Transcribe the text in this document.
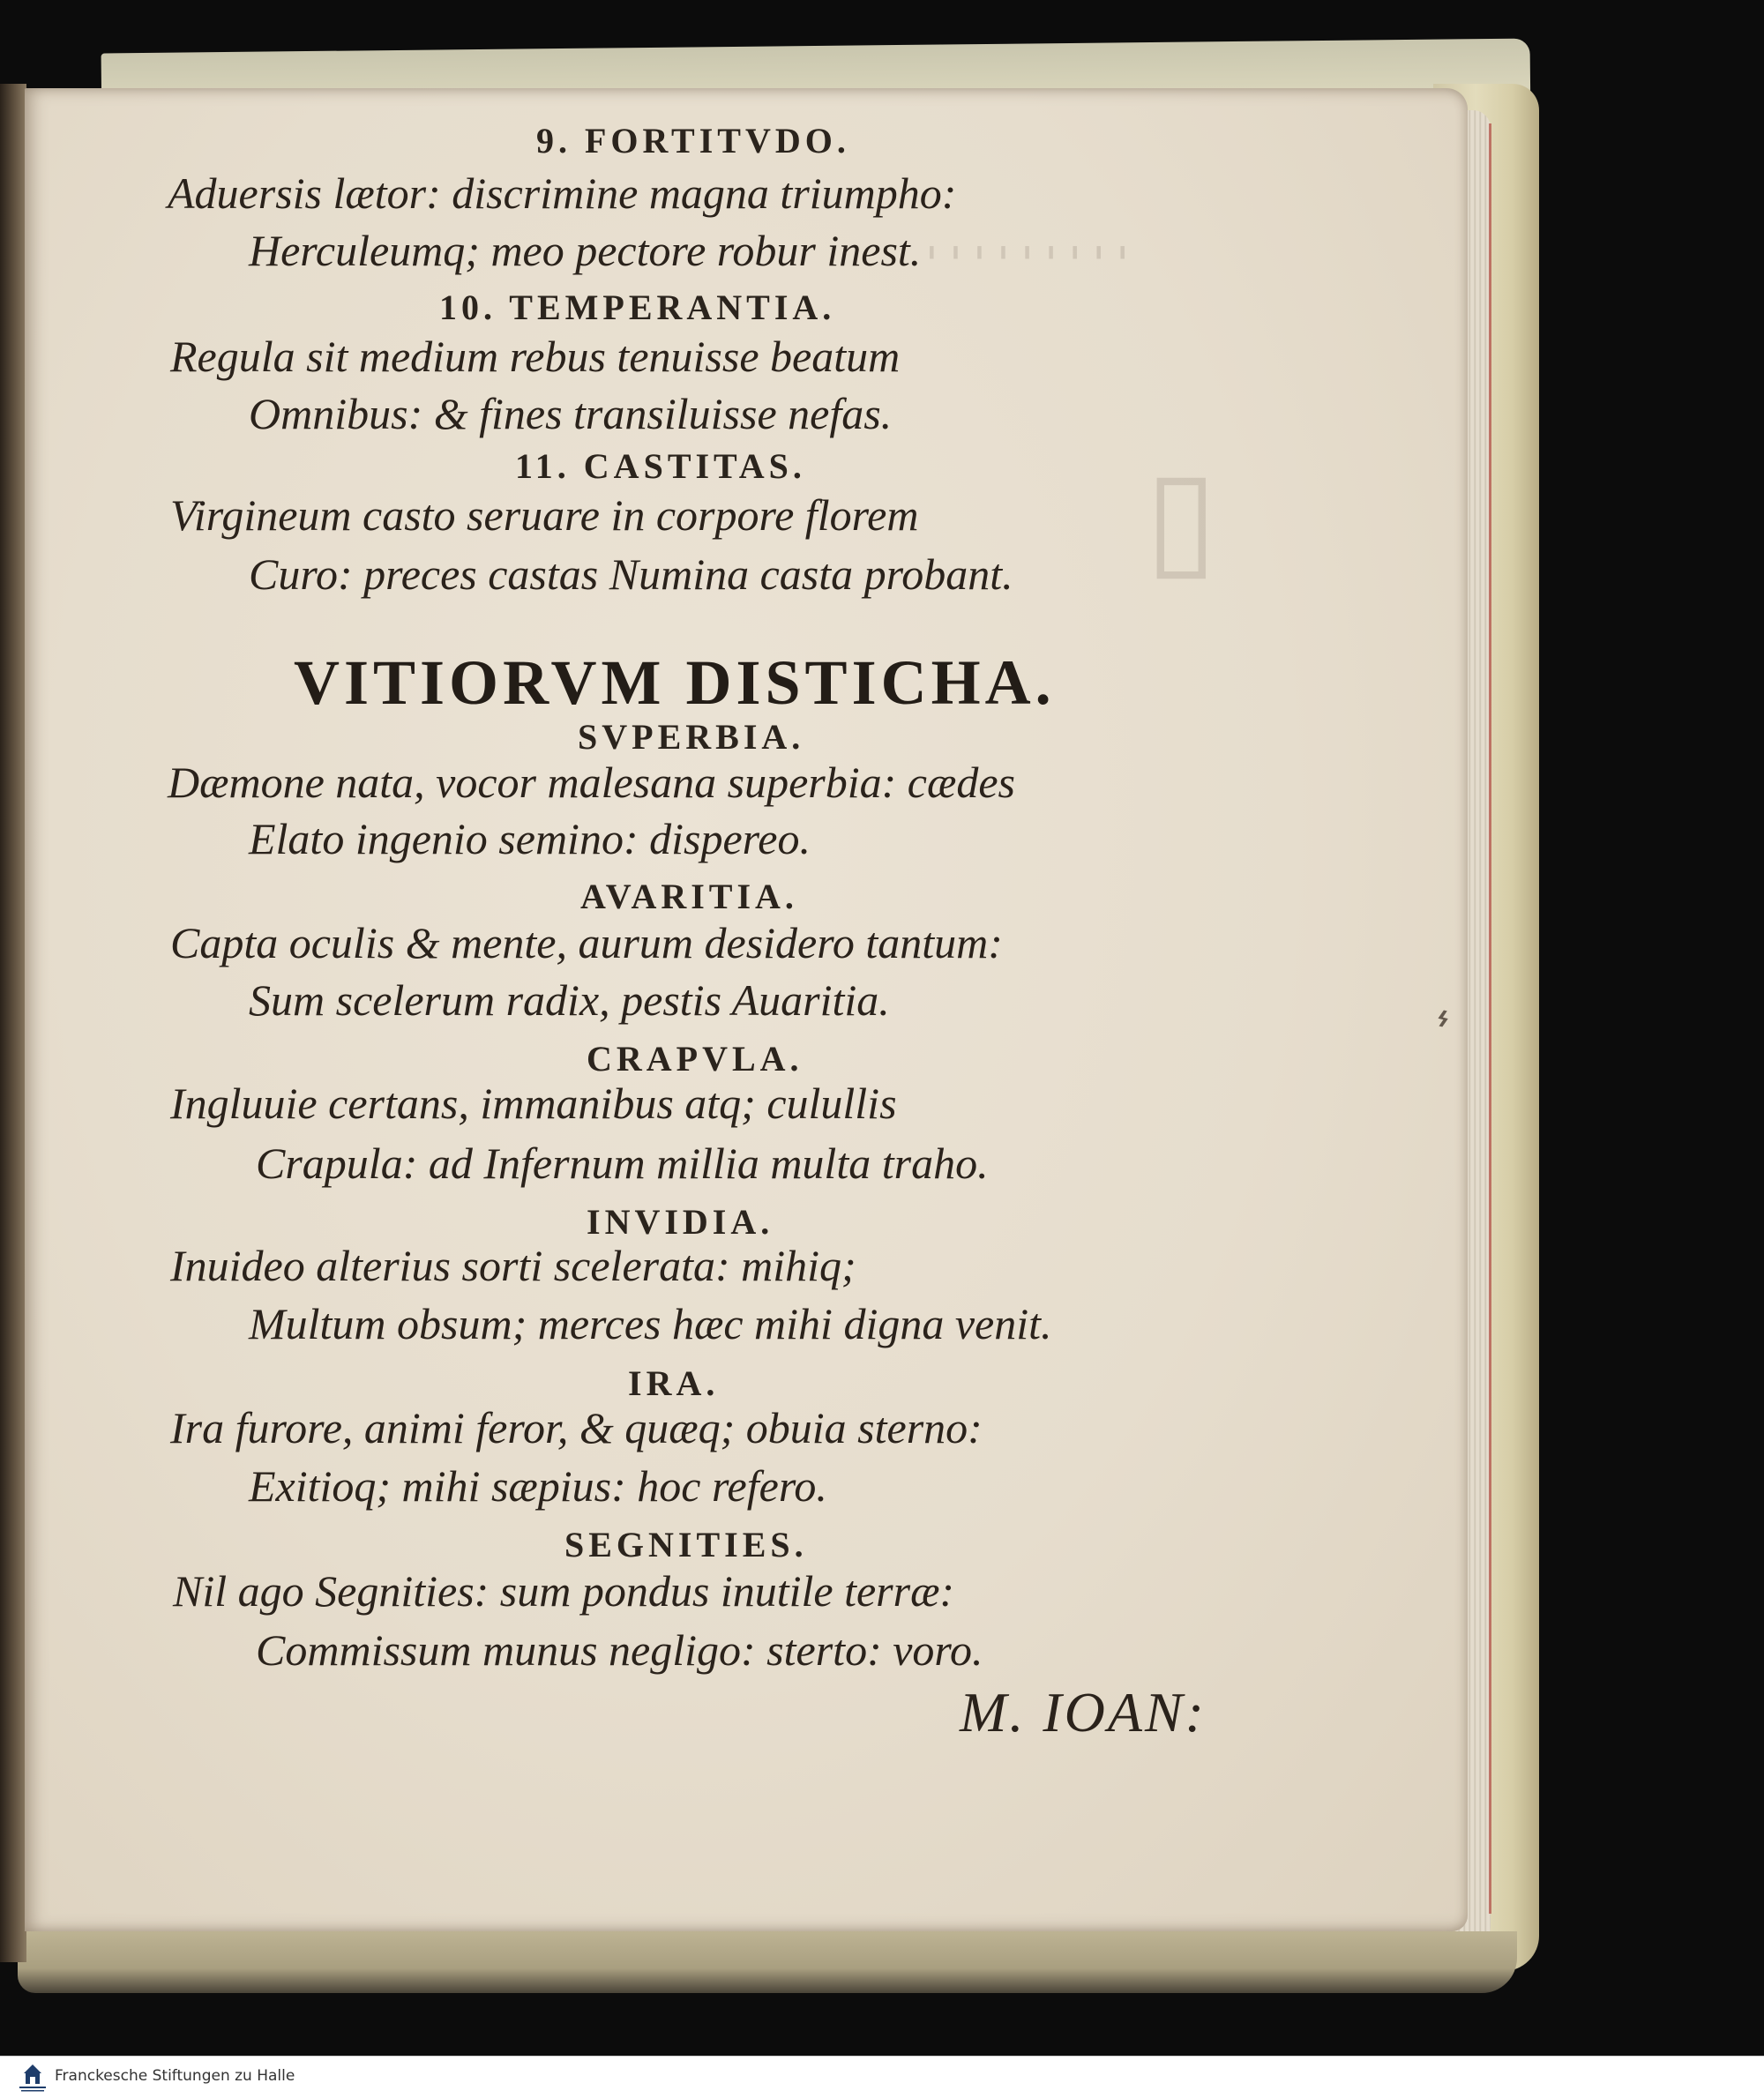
ˌˌˌˌˌˌˌˌˌ
▯
⌁
9. FORTITVDO.
Aduersis lætor: discrimine magna triumpho:
Herculeumq; meo pectore robur inest.
10. TEMPERANTIA.
Regula sit medium rebus tenuisse beatum
Omnibus: & fines transiluisse nefas.
11. CASTITAS.
Virgineum casto seruare in corpore florem
Curo: preces castas Numina casta probant.
VITIORVM DISTICHA.
SVPERBIA.
Dæmone nata, vocor malesana superbia: cædes
Elato ingenio semino: dispereo.
AVARITIA.
Capta oculis & mente, aurum desidero tantum:
Sum scelerum radix, pestis Auaritia.
CRAPVLA.
Ingluuie certans, immanibus atq; culullis
Crapula: ad Infernum millia multa traho.
INVIDIA.
Inuideo alterius sorti scelerata: mihiq;
Multum obsum; merces hæc mihi digna venit.
IRA.
Ira furore, animi feror, & quæq; obuia sterno:
Exitioq; mihi sæpius: hoc refero.
SEGNITIES.
Nil ago Segnities: sum pondus inutile terræ:
Commissum munus negligo: sterto: voro.
M. IOAN:
Franckesche Stiftungen zu Halle
